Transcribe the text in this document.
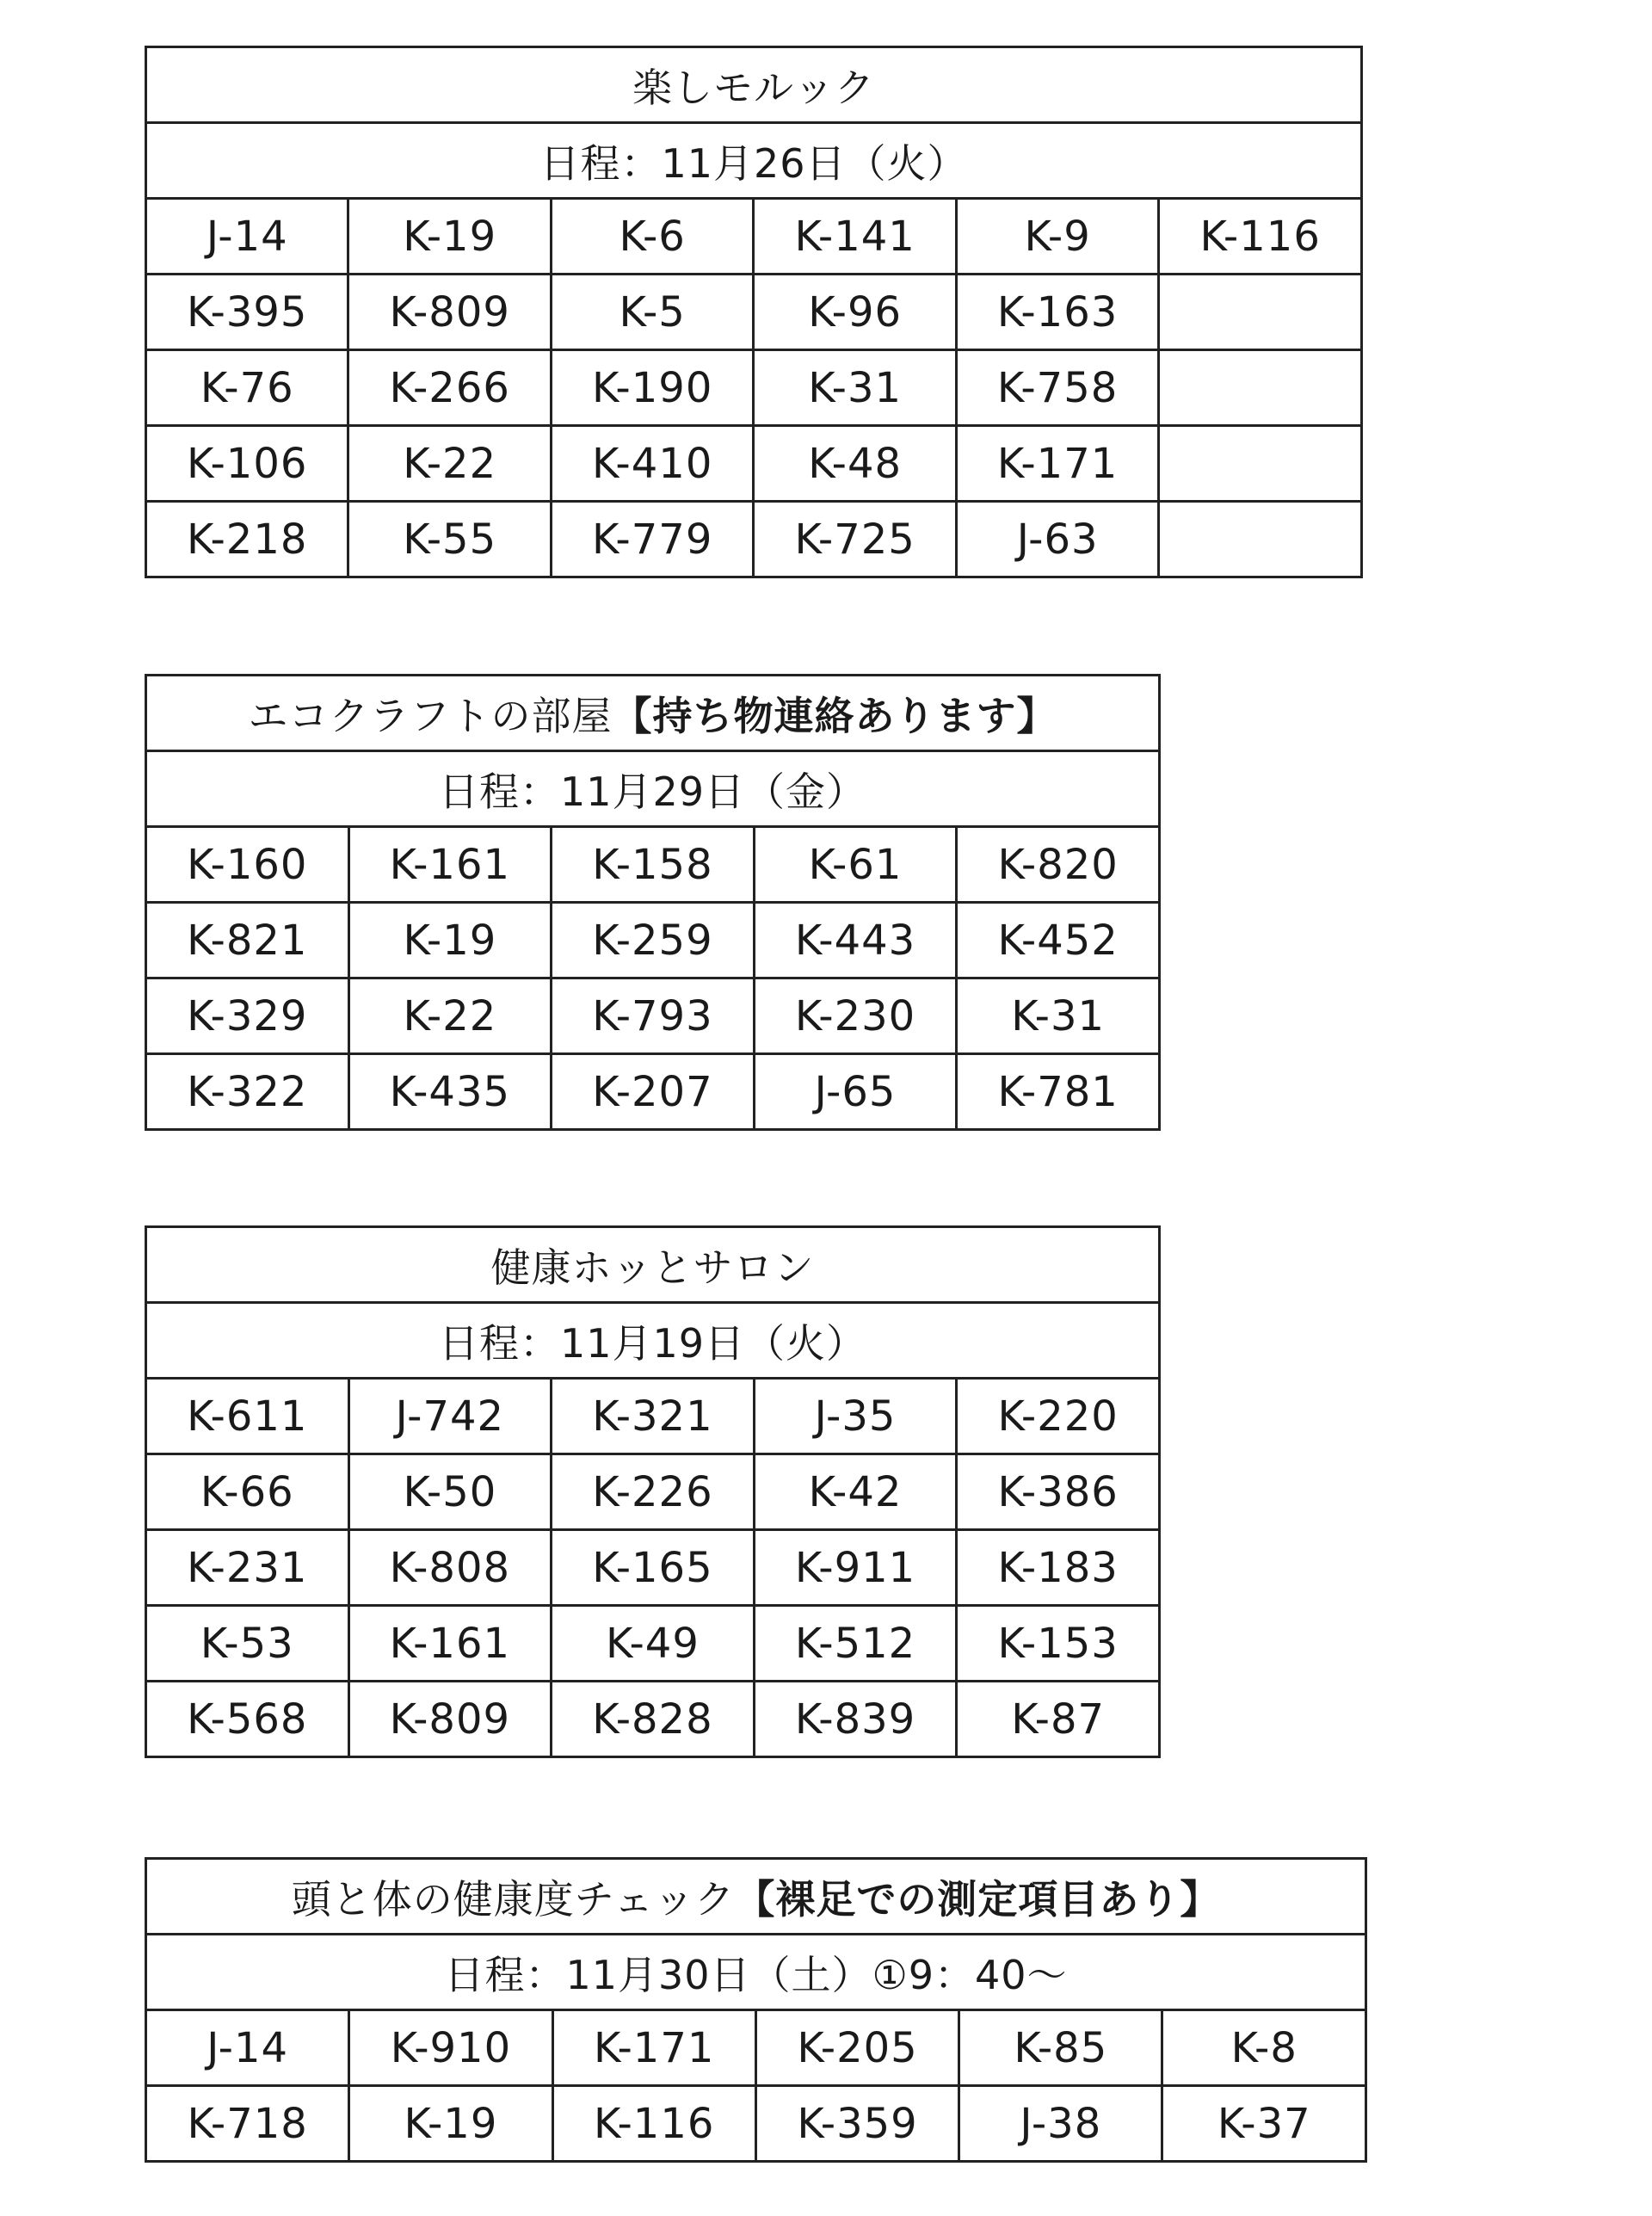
楽しモルック					
日程：11月26日（火）					
J-14	K-19	K-6	K-141	K-9	K-116
K-395	K-809	K-5	K-96	K-163	
K-76	K-266	K-190	K-31	K-758	
K-106	K-22	K-410	K-48	K-171	
K-218	K-55	K-779	K-725	J-63	
エコクラフトの部屋【持ち物連絡あります】				
日程：11月29日（金）				
K-160	K-161	K-158	K-61	K-820
K-821	K-19	K-259	K-443	K-452
K-329	K-22	K-793	K-230	K-31
K-322	K-435	K-207	J-65	K-781
健康ホッとサロン				
日程：11月19日（火）				
K-611	J-742	K-321	J-35	K-220
K-66	K-50	K-226	K-42	K-386
K-231	K-808	K-165	K-911	K-183
K-53	K-161	K-49	K-512	K-153
K-568	K-809	K-828	K-839	K-87
頭と体の健康度チェック【裸足での測定項目あり】					
日程：11月30日（土）①9：40～					
J-14	K-910	K-171	K-205	K-85	K-8
K-718	K-19	K-116	K-359	J-38	K-37
